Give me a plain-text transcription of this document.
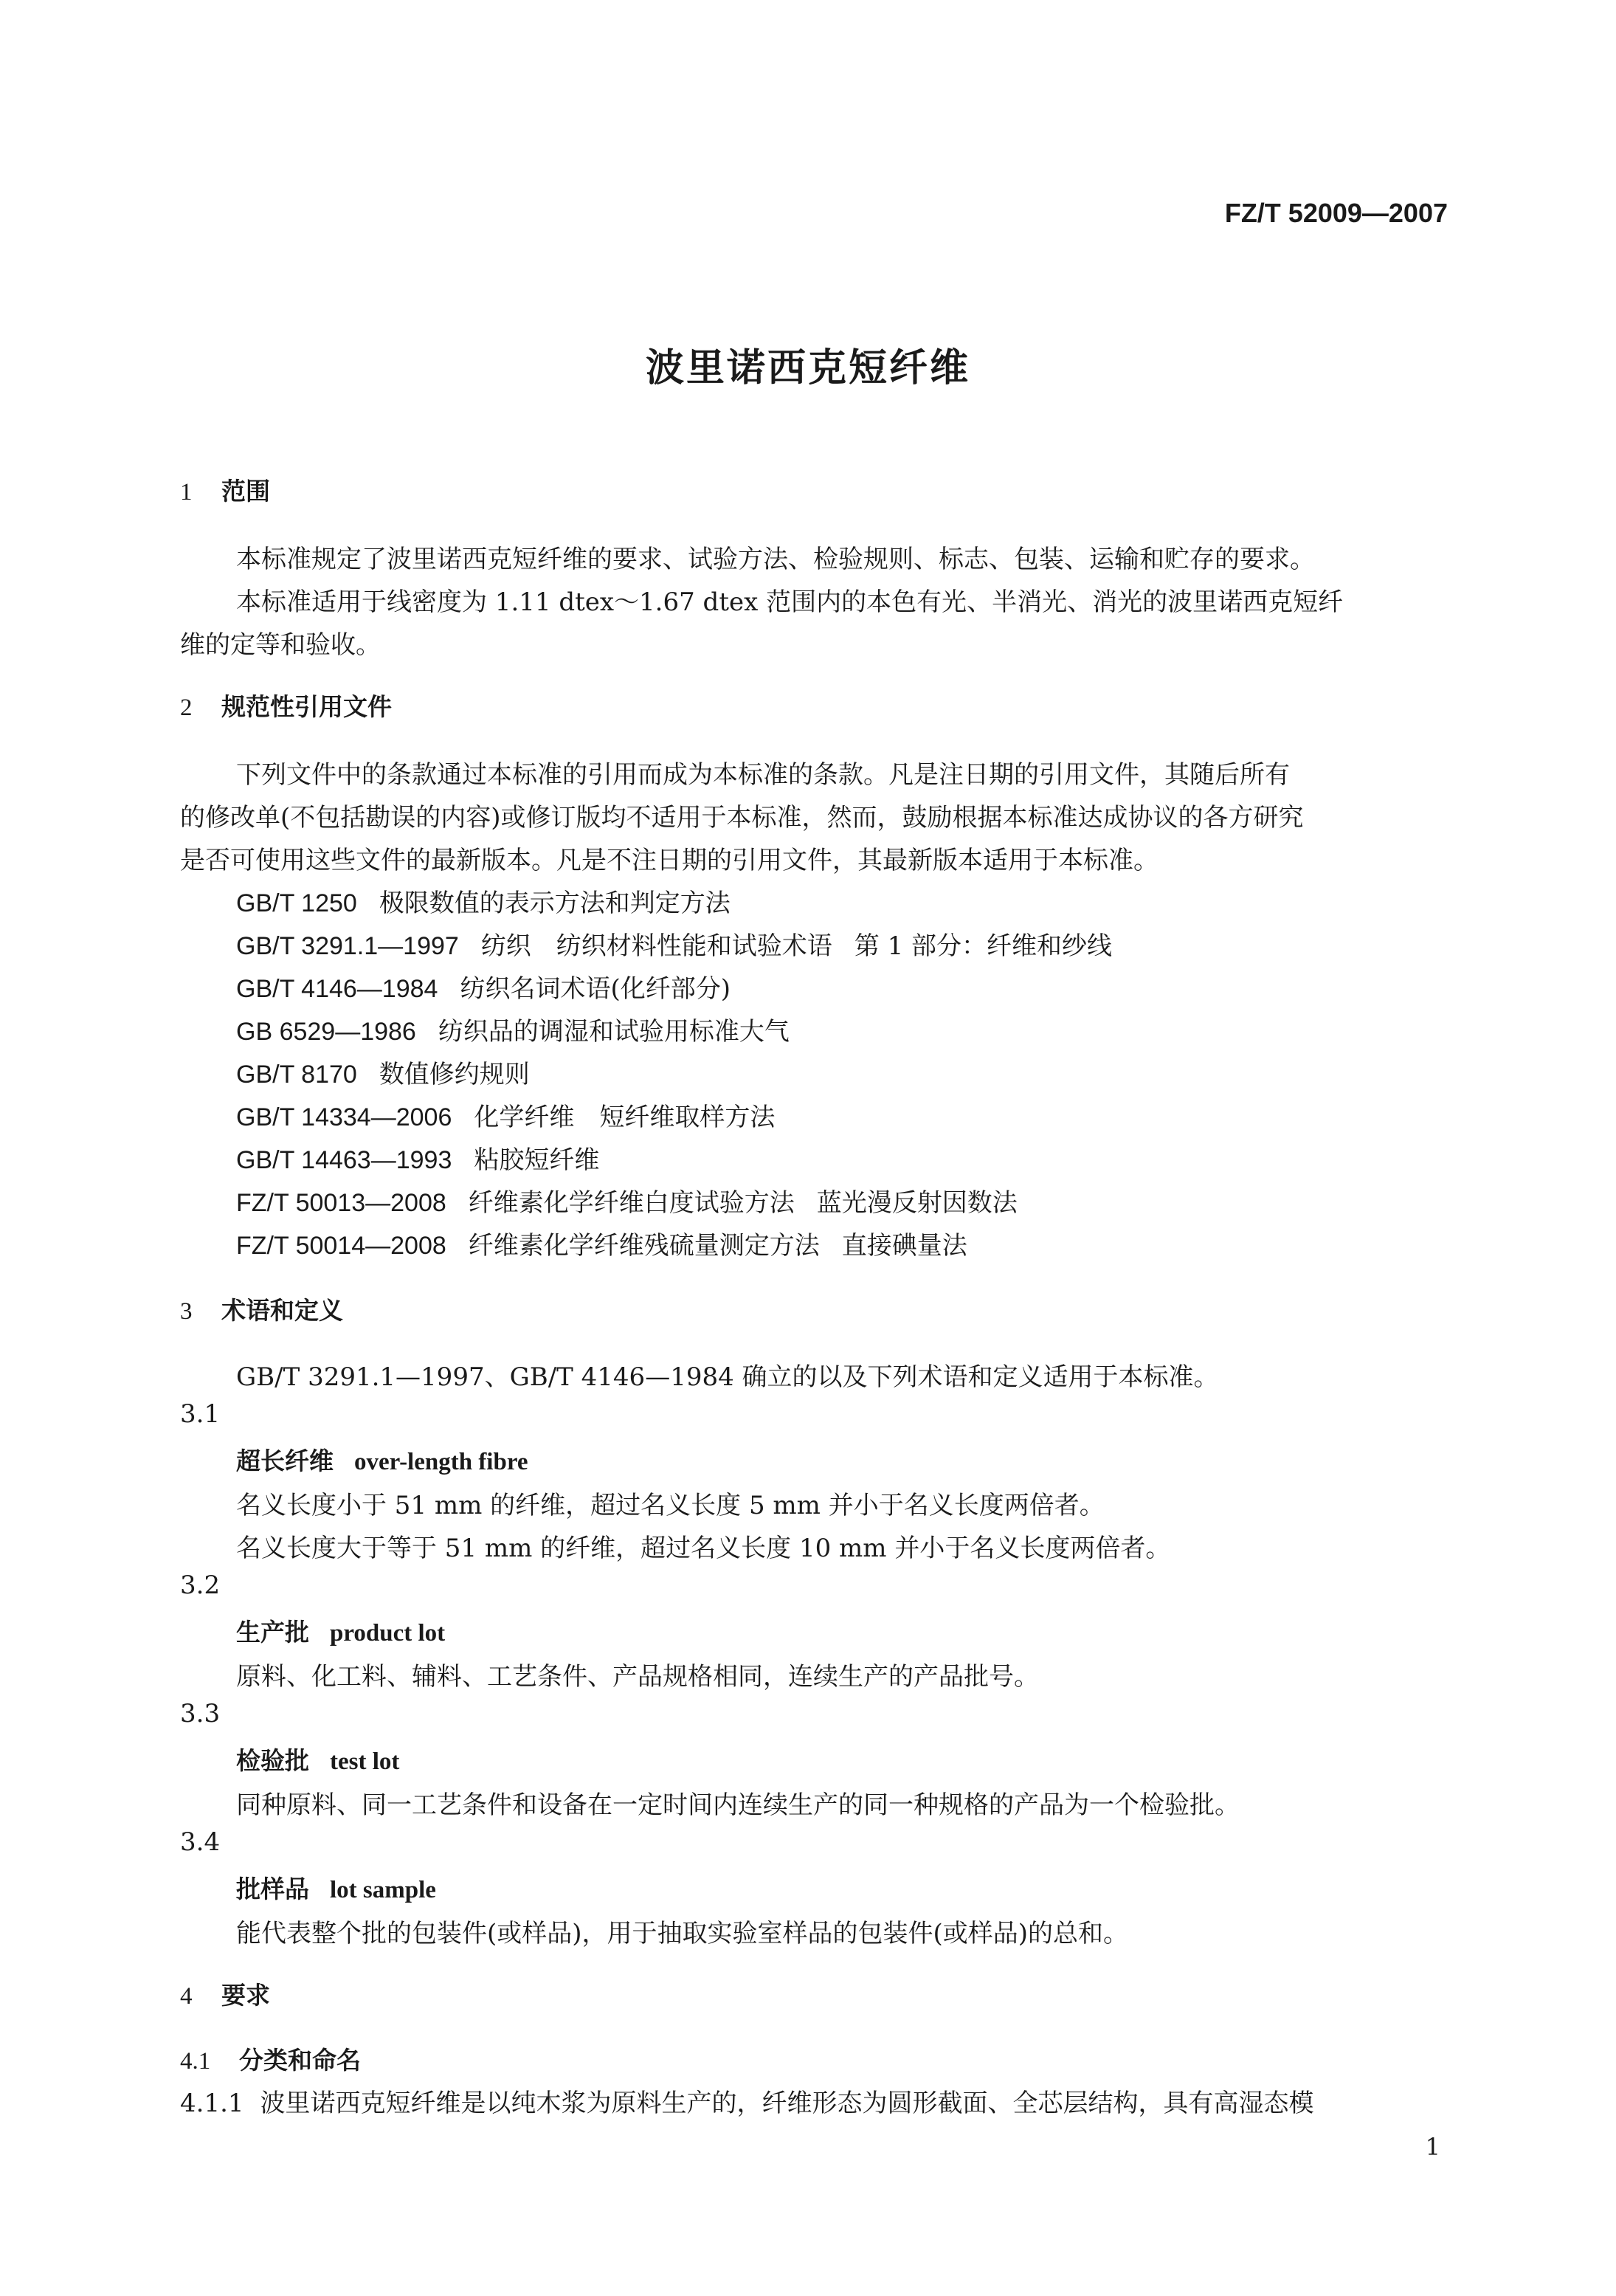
FZ/T 52009—2007
波里诺西克短纤维
1 范围
本标准规定了波里诺西克短纤维的要求、试验方法、检验规则、标志、包装、运输和贮存的要求。
本标准适用于线密度为 1.11 dtex～1.67 dtex 范围内的本色有光、半消光、消光的波里诺西克短纤
维的定等和验收。
2 规范性引用文件
下列文件中的条款通过本标准的引用而成为本标准的条款。凡是注日期的引用文件，其随后所有
的修改单(不包括勘误的内容)或修订版均不适用于本标准，然而，鼓励根据本标准达成协议的各方研究
是否可使用这些文件的最新版本。凡是不注日期的引用文件，其最新版本适用于本标准。
GB/T 1250 极限数值的表示方法和判定方法
GB/T 3291.1—1997 纺织　纺织材料性能和试验术语 第 1 部分：纤维和纱线
GB/T 4146—1984 纺织名词术语(化纤部分)
GB 6529—1986 纺织品的调湿和试验用标准大气
GB/T 8170 数值修约规则
GB/T 14334—2006 化学纤维　短纤维取样方法
GB/T 14463—1993 粘胶短纤维
FZ/T 50013—2008 纤维素化学纤维白度试验方法 蓝光漫反射因数法
FZ/T 50014—2008 纤维素化学纤维残硫量测定方法 直接碘量法
3 术语和定义
GB/T 3291.1—1997、GB/T 4146—1984 确立的以及下列术语和定义适用于本标准。
3.1
超长纤维 over-length fibre
名义长度小于 51 mm 的纤维，超过名义长度 5 mm 并小于名义长度两倍者。
名义长度大于等于 51 mm 的纤维，超过名义长度 10 mm 并小于名义长度两倍者。
3.2
生产批 product lot
原料、化工料、辅料、工艺条件、产品规格相同，连续生产的产品批号。
3.3
检验批 test lot
同种原料、同一工艺条件和设备在一定时间内连续生产的同一种规格的产品为一个检验批。
3.4
批样品 lot sample
能代表整个批的包装件(或样品)，用于抽取实验室样品的包装件(或样品)的总和。
4 要求
4.1 分类和命名
4.1.1 波里诺西克短纤维是以纯木浆为原料生产的，纤维形态为圆形截面、全芯层结构，具有高湿态模
1
